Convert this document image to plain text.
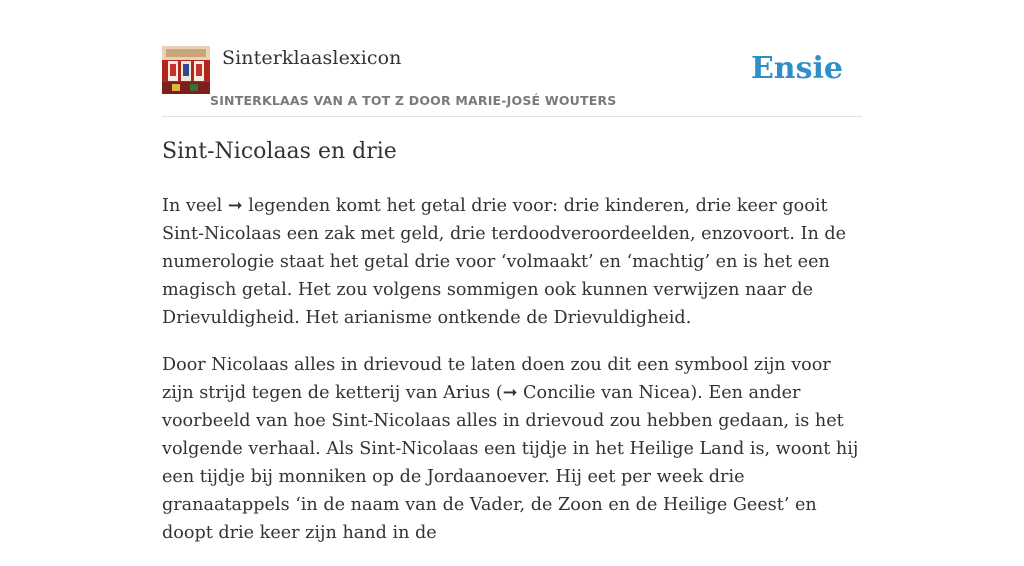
Sinterklaaslexicon
SINTERKLAAS VAN A TOT Z DOOR MARIE-JOSÉ WOUTERS
Ensie
Sint-Nicolaas en drie

In veel ➞ legenden komt het getal drie voor: drie kinderen, drie keer gooit Sint-Nicolaas een zak met geld, drie terdoodveroordeelden, enzovoort. In de numerologie staat het getal drie voor ‘volmaakt’ en ‘machtig’ en is het een magisch getal. Het zou volgens sommigen ook kunnen verwijzen naar de Drievuldigheid. Het arianisme ontkende de Drievuldigheid.

Door Nicolaas alles in drievoud te laten doen zou dit een symbool zijn voor zijn strijd tegen de ketterij van Arius (➞ Concilie van Nicea). Een ander voorbeeld van hoe Sint-Nicolaas alles in drievoud zou hebben gedaan, is het volgende verhaal. Als Sint-Nicolaas een tijdje in het Heilige Land is, woont hij een tijdje bij monniken op de Jordaanoever. Hij eet per week drie granaatappels ‘in de naam van de Vader, de Zoon en de Heilige Geest’ en doopt drie keer zijn hand in de
